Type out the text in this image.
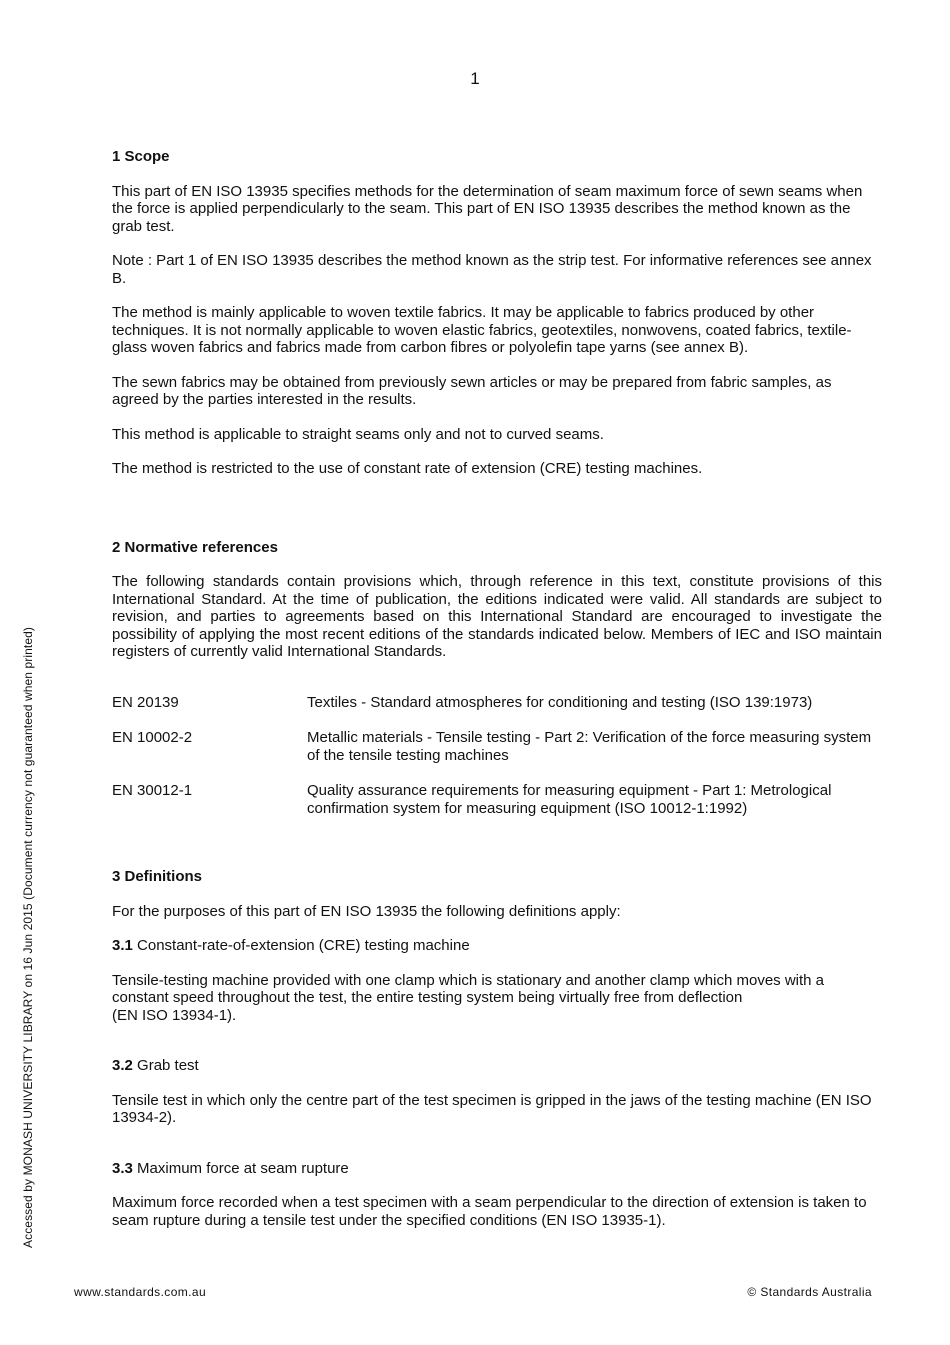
1

1 Scope

This part of EN ISO 13935 specifies methods for the determination of seam maximum force of sewn seams when the force is applied perpendicularly to the seam. This part of EN ISO 13935 describes the method known as the grab test.

Note : Part 1 of EN ISO 13935 describes the method known as the strip test. For informative references see annex B.

The method is mainly applicable to woven textile fabrics. It may be applicable to fabrics produced by other techniques. It is not normally applicable to woven elastic fabrics, geotextiles, nonwovens, coated fabrics, textile-glass woven fabrics and fabrics made from carbon fibres or polyolefin tape yarns (see annex B).

The sewn fabrics may be obtained from previously sewn articles or may be prepared from fabric samples, as agreed by the parties interested in the results.

This method is applicable to straight seams only and not to curved seams.

The method is restricted to the use of constant rate of extension (CRE) testing machines.

2 Normative references

The following standards contain provisions which, through reference in this text, constitute provisions of this International Standard. At the time of publication, the editions indicated were valid. All standards are subject to revision, and parties to agreements based on this International Standard are encouraged to investigate the possibility of applying the most recent editions of the standards indicated below. Members of IEC and ISO maintain registers of currently valid International Standards.

EN 20139	Textiles - Standard atmospheres for conditioning and testing (ISO 139:1973)
EN 10002-2	Metallic materials - Tensile testing - Part 2: Verification of the force measuring system of the tensile testing machines
EN 30012-1	Quality assurance requirements for measuring equipment - Part 1: Metrological confirmation system for measuring equipment (ISO 10012-1:1992)

3 Definitions

For the purposes of this part of EN ISO 13935 the following definitions apply:

3.1 Constant-rate-of-extension (CRE) testing machine

Tensile-testing machine provided with one clamp which is stationary and another clamp which moves with a constant speed throughout the test, the entire testing system being virtually free from deflection
(EN ISO 13934-1).

3.2 Grab test

Tensile test in which only the centre part of the test specimen is gripped in the jaws of the testing machine (EN ISO 13934-2).

3.3 Maximum force at seam rupture

Maximum force recorded when a test specimen with a seam perpendicular to the direction of extension is taken to seam rupture during a tensile test under the specified conditions (EN ISO 13935-1).

Accessed by MONASH UNIVERSITY LIBRARY on 16 Jun 2015 (Document currency not guaranteed when printed)
www.standards.com.au	© Standards Australia
